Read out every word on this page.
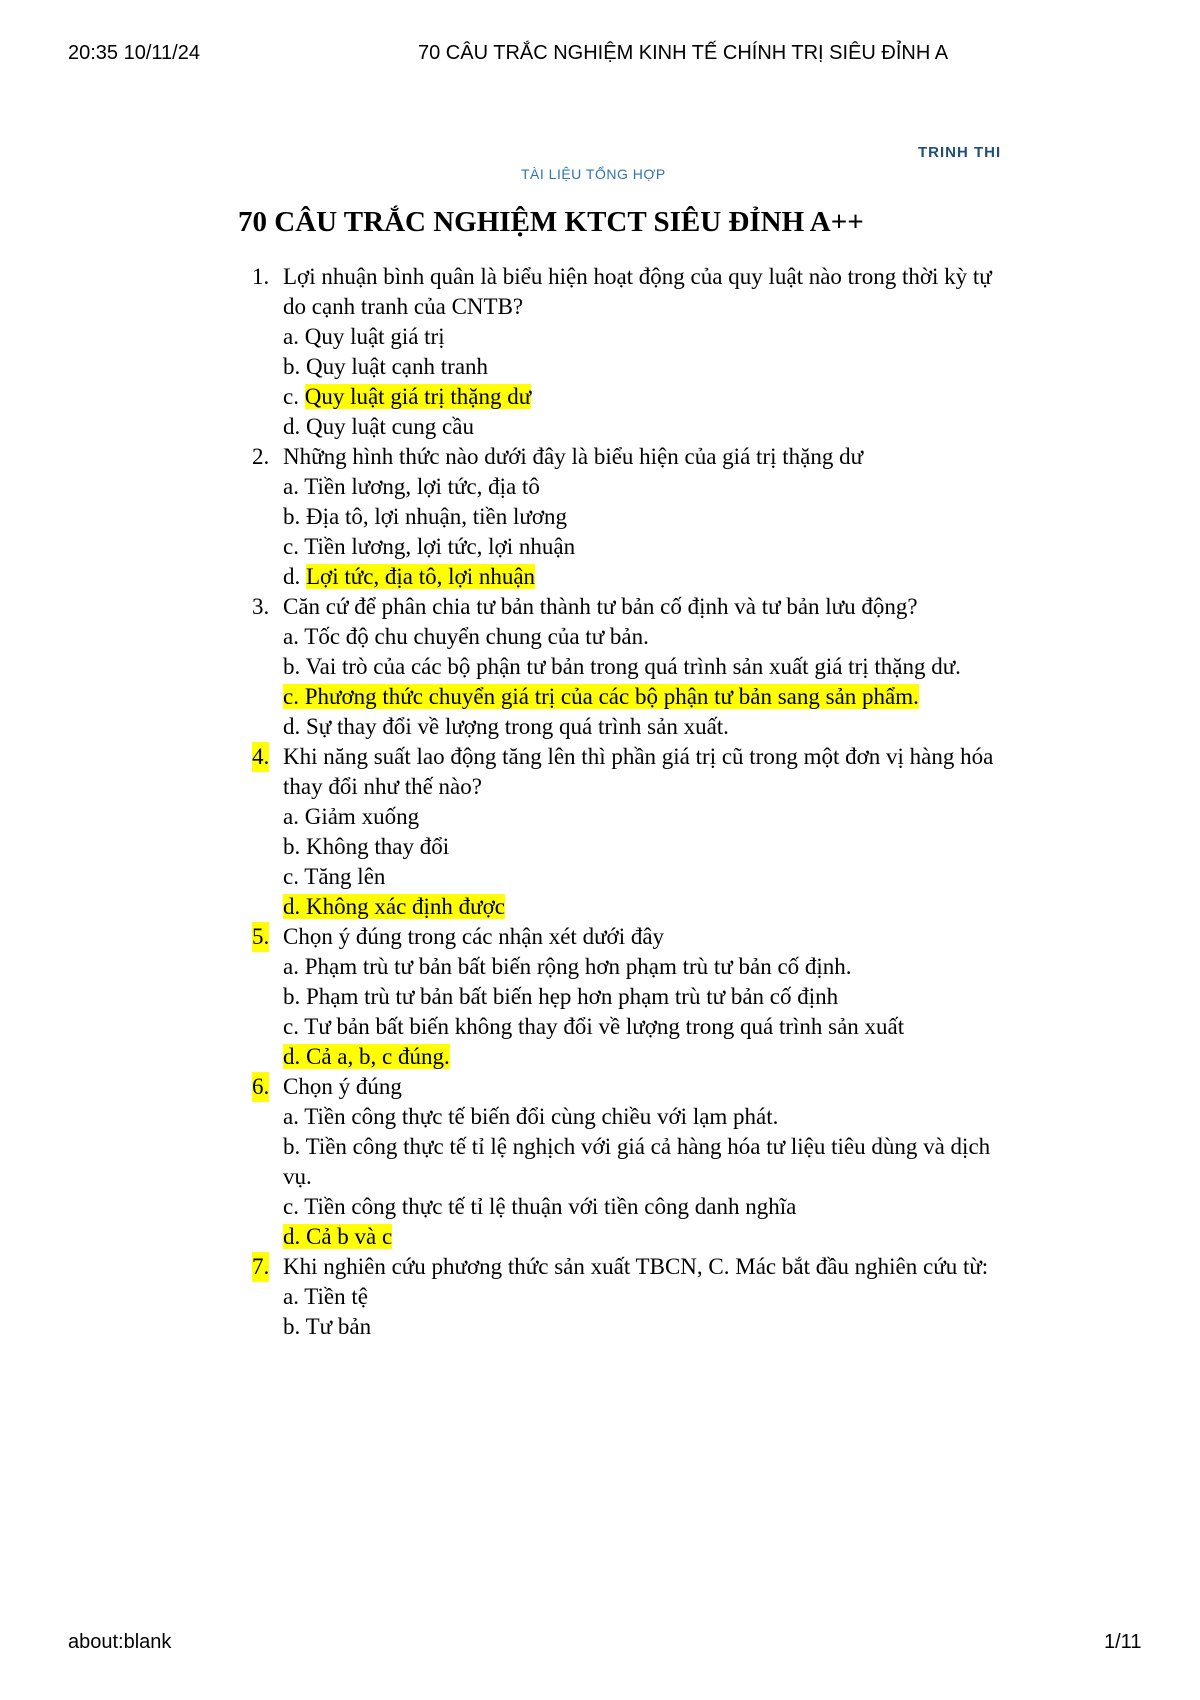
20:35 10/11/24	70 CÂU TRẮC NGHIỆM KINH TẾ CHÍNH TRỊ SIÊU ĐỈNH A
TRINH THI
TÀI LIỆU TỔNG HỢP
70 CÂU TRẮC NGHIỆM KTCT SIÊU ĐỈNH A++
1. Lợi nhuận bình quân là biểu hiện hoạt động của quy luật nào trong thời kỳ tự do cạnh tranh của CNTB?
a. Quy luật giá trị
b. Quy luật cạnh tranh
c. Quy luật giá trị thặng dư
d. Quy luật cung cầu
2. Những hình thức nào dưới đây là biểu hiện của giá trị thặng dư
a. Tiền lương, lợi tức, địa tô
b. Địa tô, lợi nhuận, tiền lương
c. Tiền lương, lợi tức, lợi nhuận
d. Lợi tức, địa tô, lợi nhuận
3. Căn cứ để phân chia tư bản thành tư bản cố định và tư bản lưu động?
a. Tốc độ chu chuyển chung của tư bản.
b. Vai trò của các bộ phận tư bản trong quá trình sản xuất giá trị thặng dư.
c. Phương thức chuyển giá trị của các bộ phận tư bản sang sản phẩm.
d. Sự thay đổi về lượng trong quá trình sản xuất.
4. Khi năng suất lao động tăng lên thì phần giá trị cũ trong một đơn vị hàng hóa thay đổi như thế nào?
a. Giảm xuống
b. Không thay đổi
c. Tăng lên
d. Không xác định được
5. Chọn ý đúng trong các nhận xét dưới đây
a. Phạm trù tư bản bất biến rộng hơn phạm trù tư bản cố định.
b. Phạm trù tư bản bất biến hẹp hơn phạm trù tư bản cố định
c. Tư bản bất biến không thay đổi về lượng trong quá trình sản xuất
d. Cả a, b, c đúng.
6. Chọn ý đúng
a. Tiền công thực tế biến đổi cùng chiều với lạm phát.
b. Tiền công thực tế tỉ lệ nghịch với giá cả hàng hóa tư liệu tiêu dùng và dịch vụ.
c. Tiền công thực tế tỉ lệ thuận với tiền công danh nghĩa
d. Cả b và c
7. Khi nghiên cứu phương thức sản xuất TBCN, C. Mác bắt đầu nghiên cứu từ:
a. Tiền tệ
b. Tư bản
about:blank	1/11
